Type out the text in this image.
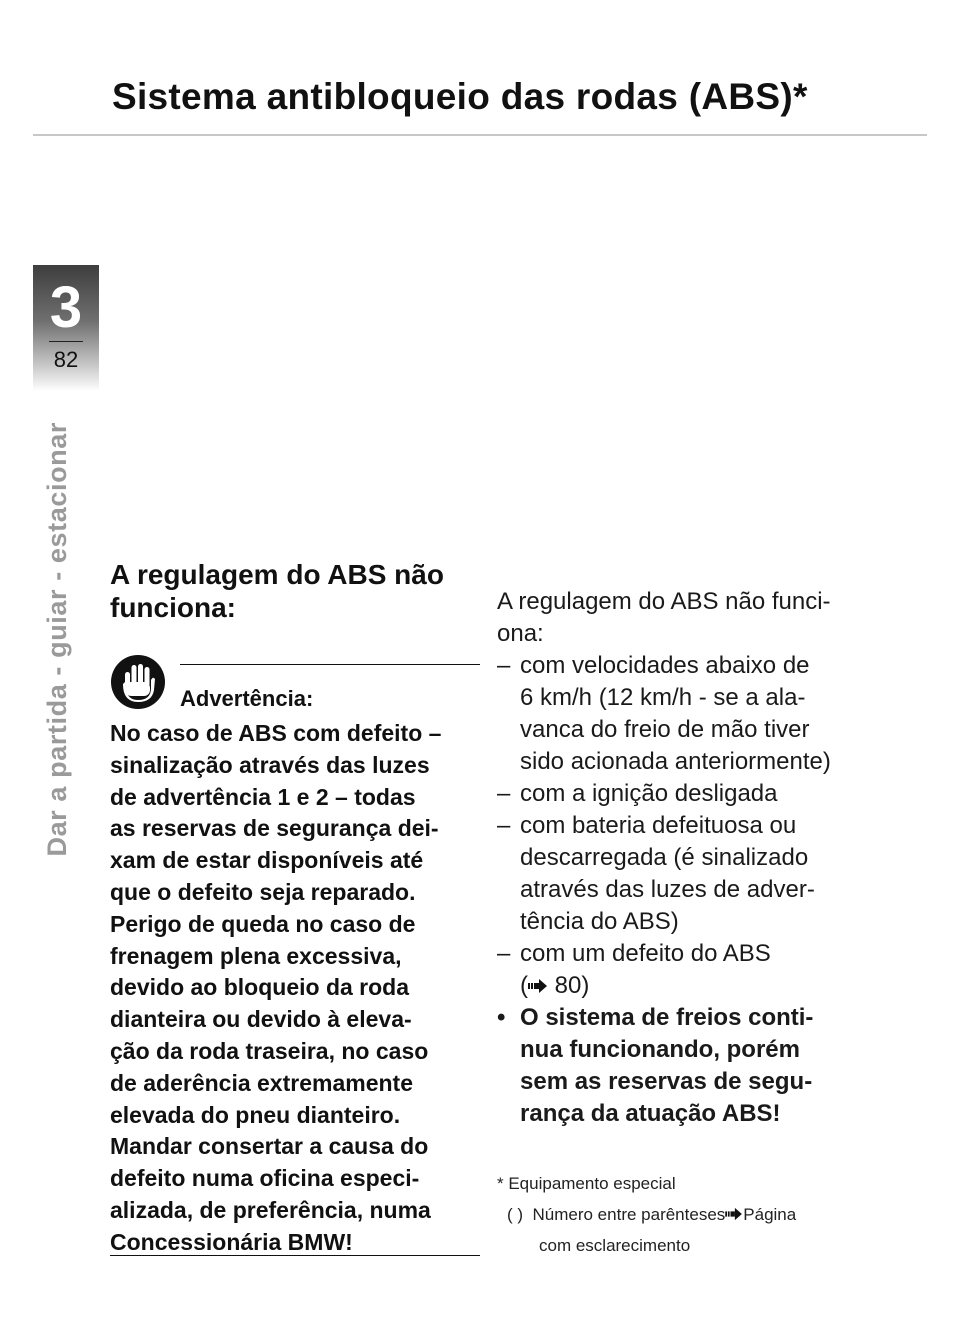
Sistema antibloqueio das rodas (ABS)*
3
82
Dar a partida - guiar - estacionar A regulagem do ABS não
funciona:
Advertência:
No caso de ABS com defeito –
sinalização através das luzes
de advertência 1 e 2 – todas
as reservas de segurança dei-
xam de estar disponíveis até
que o defeito seja reparado.
Perigo de queda no caso de
frenagem plena excessiva,
devido ao bloqueio da roda
dianteira ou devido à eleva-
ção da roda traseira, no caso
de aderência extremamente
elevada do pneu dianteiro.
Mandar consertar a causa do
defeito numa oficina especi-
alizada, de preferência, numa
Concessionária BMW!

A regulagem do ABS não funci-
ona:

– com velocidades abaixo de
6 km/h (12 km/h - se a ala-
vanca do freio de mão tiver
sido acionada anteriormente)
– com a ignição desligada
– com bateria defeituosa ou
descarregada (é sinalizado
através das luzes de adver-
tência do ABS)
– com um defeito do ABS
( 80)
• O sistema de freios conti-
nua funcionando, porém
sem as reservas de segu-
rança da atuação ABS!
* Equipamento especial
( ) Número entre parênteses Página
com esclarecimento
